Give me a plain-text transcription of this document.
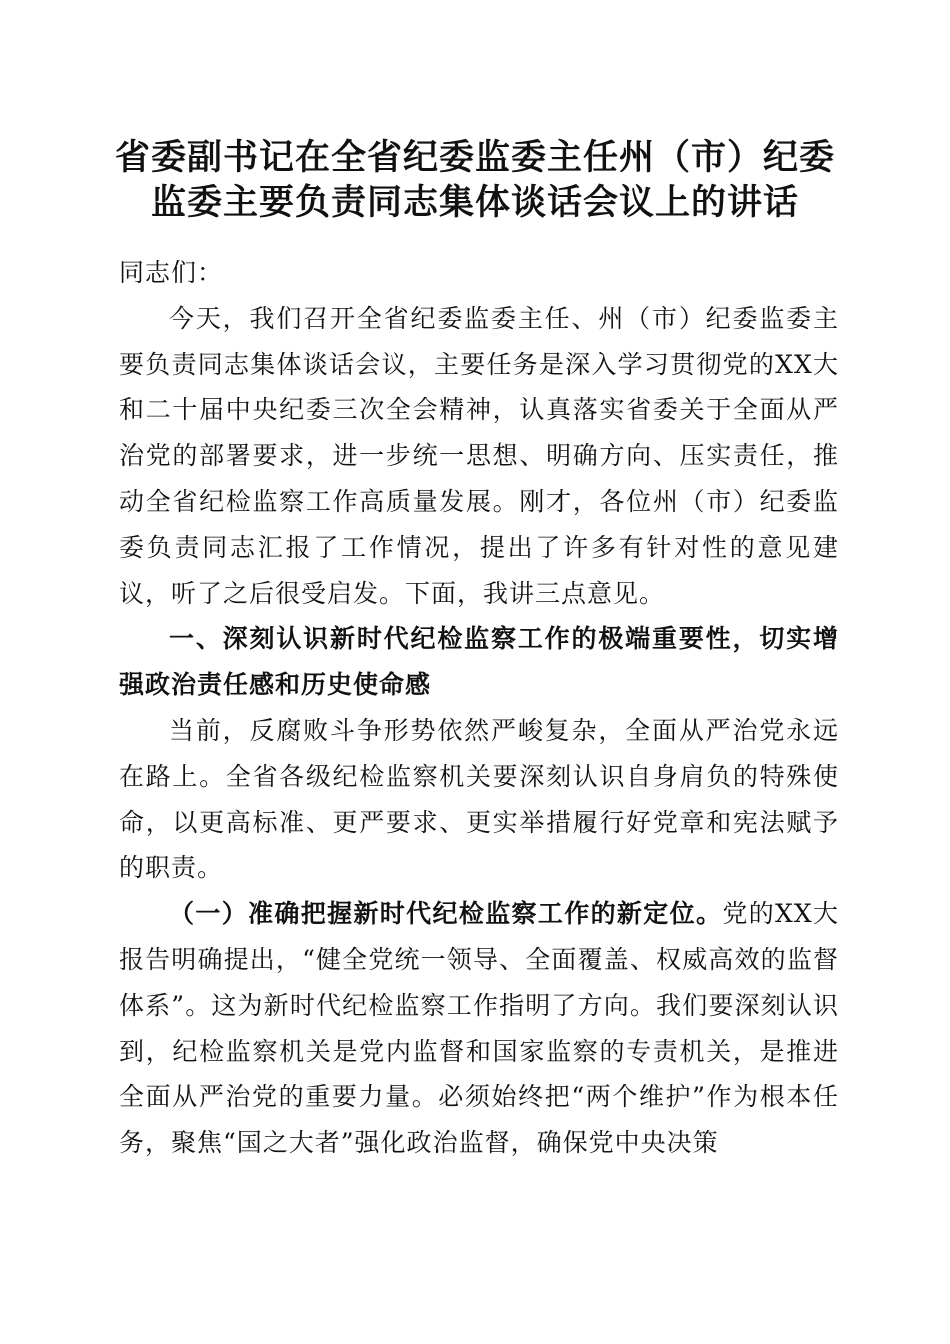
省委副书记在全省纪委监委主任州（市）纪委
监委主要负责同志集体谈话会议上的讲话

同志们：

今天，我们召开全省纪委监委主任、州（市）纪委监委主要负责同志集体谈话会议，主要任务是深入学习贯彻党的XX大和二十届中央纪委三次全会精神，认真落实省委关于全面从严治党的部署要求，进一步统一思想、明确方向、压实责任，推动全省纪检监察工作高质量发展。刚才，各位州（市）纪委监委负责同志汇报了工作情况，提出了许多有针对性的意见建议，听了之后很受启发。下面，我讲三点意见。

一、深刻认识新时代纪检监察工作的极端重要性，切实增强政治责任感和历史使命感

当前，反腐败斗争形势依然严峻复杂，全面从严治党永远在路上。全省各级纪检监察机关要深刻认识自身肩负的特殊使命，以更高标准、更严要求、更实举措履行好党章和宪法赋予的职责。

（一）准确把握新时代纪检监察工作的新定位。党的XX大报告明确提出，“健全党统一领导、全面覆盖、权威高效的监督体系”。这为新时代纪检监察工作指明了方向。我们要深刻认识到，纪检监察机关是党内监督和国家监察的专责机关，是推进全面从严治党的重要力量。必须始终把“两个维护”作为根本任务，聚焦“国之大者”强化政治监督，确保党中央决策
